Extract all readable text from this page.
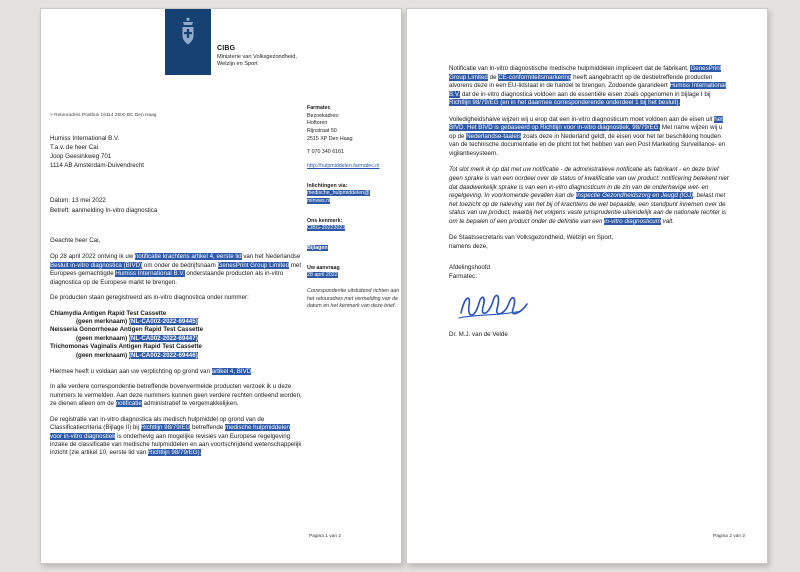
CIBG
Ministerie van Volksgezondheid,
Welzijn en Sport
> Retouradres Postbus 16114 2500 BC Den Haag
Humiss International B.V.
T.a.v. de heer Cai
Joop Geesinkweg 701
1114 AB Amsterdam-Duivendrecht
Farmatec
Bezoekadres:
Hoftoren
Rijnstraat 50
2515 XP Den Haag
T 070 340 6161
http://hulpmiddelen.farmatec.nl
Inlichtingen via:
medische_hulpmiddelen@
minvws.nl
Ons kenmerk:
CIBG-20223023
Bijlagen
Uw aanvraag
28 april 2022
Correspondentie uitsluitend richten aan het retouradres met vermelding van de datum en het kenmerk van deze brief.
Datum: 13 mei 2022
Betreft: aanmelding In-vitro diagnostica
Geachte heer Cai,

Op 28 april 2022 ontving ik uw notificatie krachtens artikel 4, eerste lid van het Nederlandse Besluit in-vitro diagnostica (BIVD) om onder de bedrijfsnaam GenesPrint Group Limited met Europees gemachtigde Humiss International B.V. onderstaande producten als in-vitro diagnostica op de Europese markt te brengen.

De producten staan geregistreerd als in-vitro diagnostica onder nummer:

Chlamydia Antigen Rapid Test Cassette
(geen merknaam) (NL-CA002-2022-69445)
Neisseria Gonorrhoeae Antigen Rapid Test Cassette
(geen merknaam) (NL-CA002-2022-69447)
Trichomonas Vaginalis Antigen Rapid Test Cassette
(geen merknaam) (NL-CA002-2022-69446)

Hiermee heeft u voldaan aan uw verplichting op grond van artikel 4, BIVD.

In alle verdere correspondentie betreffende bovenvermelde producten verzoek ik u deze nummers te vermelden. Aan deze nummers kunnen geen verdere rechten ontleend worden, ze dienen alleen om de notificatie administratief te vergemakkelijken.

De registratie van in-vitro diagnostica als medisch hulpmiddel op grond van de Classificatiecriteria (Bijlage II) bij Richtlijn 98/79/EG betreffende medische hulpmiddelen voor in-vitro diagnostiek is onderhevig aan mogelijke revisies van Europese regelgeving inzake de classificatie van medische hulpmiddelen en aan voortschrijdend wetenschappelijk inzicht (zie artikel 10, eerste lid van Richtlijn 98/79/EG).

Pagina 1 van 2

Notificatie van in-vitro diagnostische medische hulpmiddelen impliceert dat de fabrikant, GenesPrint Group Limited de CE-conformiteitsmarkering heeft aangebracht op de desbetreffende producten alvorens deze in een EU-lidstaat in de handel te brengen. Zodoende garandeert Humiss International B.V. dat de in-vitro diagnostica voldoen aan de essentiële eisen zoals opgenomen in bijlage I bij Richtlijn 98/79/EG (en in het daarmee corresponderende onderdeel 1 bij het besluit).

Volledigheidshalve wijzen wij u erop dat een in-vitro diagnosticum moet voldoen aan de eisen uit het BIVD. Het BIVD is gebaseerd op Richtlijn voor in-vitro diagnostiek, 98/79/EG. Met name wijzen wij u op de Nederlandse-taaleis zoals deze in Nederland geldt, de eisen voor het ter beschikking houden van de technische documentatie en de plicht tot het hebben van een Post Marketing Surveillance- en vigilantiesysteem.

Tot slot merk ik op dat met uw notificatie - de administratieve notificatie als fabrikant - en deze brief geen sprake is van een oordeel over de status of kwalificatie van uw product: notificering betekent niet dat daadwerkelijk sprake is van een in-vitro diagnosticum in de zin van de onderhavige wet- en regelgeving. In voorkomende gevallen kan de Inspectie Gezondheidszorg en Jeugd (IGJ), belast met het toezicht op de naleving van het bij of krachtens de wet bepaalde, een standpunt innemen over de status van uw product, waarbij het volgens vaste jurisprudentie uiteindelijk aan de nationale rechter is om te bepalen of een product onder de definitie van een in-vitro diagnosticum valt.

De Staatssecretaris van Volksgezondheid, Welzijn en Sport,
namens deze,
Afdelingshoofd
Farmatec:
Dr. M.J. van de Velde
Pagina 2 van 2
